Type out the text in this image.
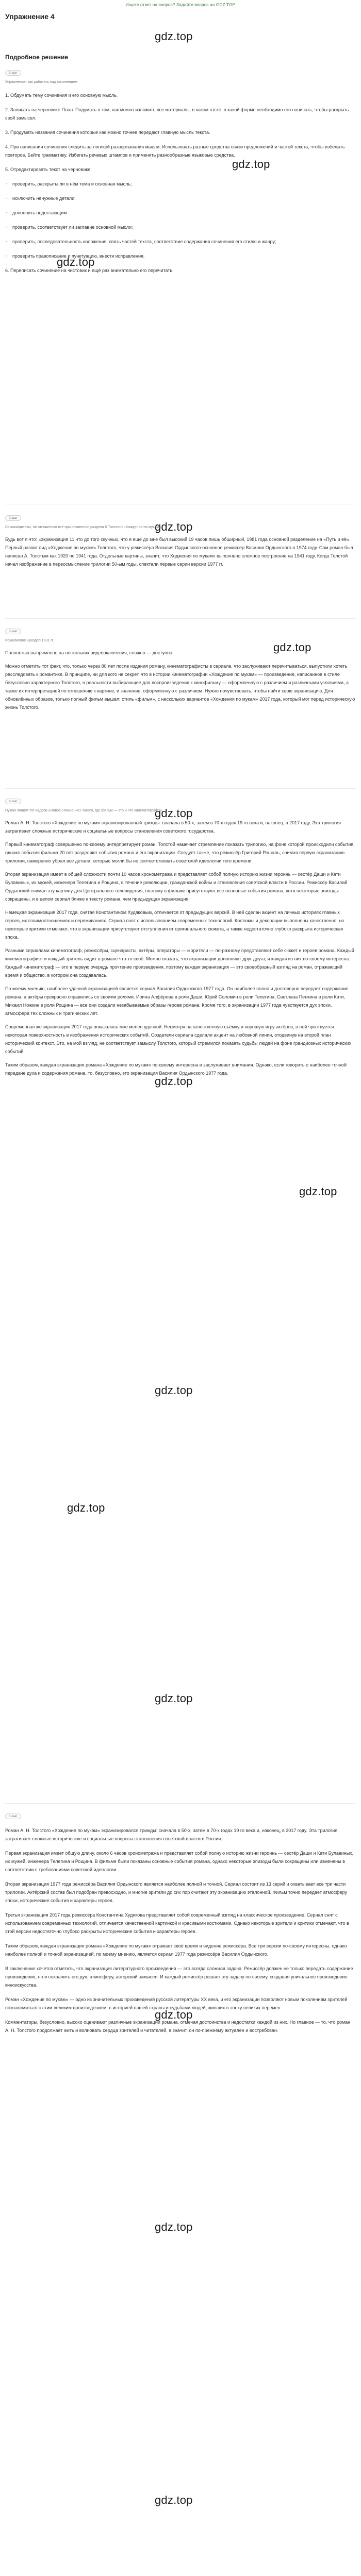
Ищете ответ на вопрос? Задайте вопрос на GDZ.TOP
Упражнение 4
gdz.top
gdz.top
gdz.top
gdz.top
gdz.top
gdz.top
gdz.top
gdz.top
gdz.top
gdz.top
gdz.top
gdz.top
gdz.top
gdz.top
Подробное решение
1 шаг

Упражнение: как работать над сочинением

1. Обдумать тему сочинения и его основную мысль.

2. Записать на черновике План. Подумать о том, как можно изложить все материалы, в каком отсте, в какой форме необходимо его написать, чтобы раскрыть свой замысел.

3. Продумать названия сочинения которые как можно точнее передают главную мысль текста.

4. При написании сочинения следить за логикой развертывания мысли. Использовать разные средства связи предложений и частей текста, чтобы избежать повторов. Бейте грамматику. Избегать речевых штампов и применять разнообразные языковые средства.

5. Отредактировать текст на черновике:

· проверить, раскрыты ли в нём тема и основная мысль;
· исключить ненужные детали;
· дополнить недостающим
· проверить, соответствует ли заглавие основной мысли;
· проверить, последовательность изложения, связь частей текста, соответствие содержания сочинения его стилю и жанру;
· проверить правописание и пунктуацию, внести исправления.

6. Переписать сочинение на чистовик и ещё раз внимательно его перечитать.

2 шаг

Ссылки/цитаты, по отношению всё при сочинении раздела 5 Толстого «Хождение по мукам»

Будь вот я что: «экранизация 11 что до того скучных, что я ещё до мне был высокий 19 часов лишь обширный, 1981 года основной разделение на «Путь и её». Первый развит вид «Ходжение по мукам» Толстого, что у режиссёра Василия Ордынского-основное режиссёр Василия Ордынского в 1974 году. Сам роман был написан А. Толстым как 1920 по 1941 года, Отдельные картины, значит, что Ходжения по мукам» выполнено сложное построение на 1941 году. Когда Толстой начал изображение в переосмысление трилогии 50-ым годы, спектали первые серии версии 1977 гг.

3 шаг

Ромалиевое «раздел 1931 гг.

Полностью выпрямлено на нескольких видеовключения, сложно — доступно.

Можно отметить тот факт, что, только через 80 лет после издания роману, кинематографисты в сериале, что заслуживают перечитываться, выпустили хотеть расследовать к романтике. В принципе, ни для кого не секрет, что в истории кинематографии «Хождение по мукам» — произведение, написанное в стиле безусловно характерного Толстого, в реальности выбирающее для воспроизведения к кинофильму — оформленную с различием и различными условиями, а также их интерпретацией по отношению к картине, и значение, оформленную с различием. Нужно почувствовать, чтобы найти свою экранизацию. Для обновлённых образов, только полный фильм вышел: стиль «фильм», с нескольких вариантов «Хождения по мукам» 2017 года, который мог перед историческую жизнь Толстого.

4 шаг

Нужно пишем тот кадров «Новое сочинение» такого, где фильм — это и что кинематограф?»

Роман А. Н. Толстого «Хождение по мукам» экранизированный трижды: сначала в 50-х, затем в 70-х годах 19 го века и, наконец, в 2017 году. Эта трилогия затрагивает сложные исторические и социальные вопросы становления советского государства.

Первый кинематограф совершенно по-своему интерпретирует роман. Толстой намечает стремление показать трилогию, на фоне которой происходили события, однако события фильма 20 лет разделяют события романа и его экранизации. Следует также, что режиссёр Григорий Рошаль, снимая первую экранизацию трилогии, намеренно убрал все детали, которые могли бы не соответствовать советской идеологии того времени.

Вторая экранизация имеет в общей сложности почти 10 часов хронометража и представляет собой полную историю жизни героинь — сестёр Даши и Кати Булавиных, их мужей, инженера Телегина и Рощина, в течение революции, гражданской войны и становления советской власти в России. Режиссёр Василий Ордынский снимал эту картину для Центрального телевидения, поэтому в фильме присутствуют все основные события романа, хотя некоторые эпизоды сокращены, и в целом сериал ближе к тексту романа, чем предыдущая экранизация.

Немецкая экранизация 2017 года, снятая Константином Худяковым, отличается от предыдущих версий. В ней сделан акцент на личных историях главных героев, их взаимоотношениях и переживаниях. Сериал снят с использованием современных технологий. Костюмы и декорации выполнены качественно, но некоторые критики отмечают, что в экранизации присутствуют отступления от оригинального сюжета, а также недостаточно глубоко раскрыта историческая эпоха.

Разными сериалами кинематограф, режиссёры, сценаристы, актёры, операторы — и зрители — по-разному представляют себе сюжет и героев романа. Каждый кинематографист и каждый зритель видит в романе что-то своё. Можно сказать, что экранизации дополняют друг друга, и каждая из них по-своему интересна. Каждый кинематограф — это в первую очередь прочтение произведения, поэтому каждая экранизация — это своеобразный взгляд на роман, отражающий время и общество, в котором она создавалась.

По моему мнению, наиболее удачной экранизацией является сериал Василия Ордынского 1977 года. Он наиболее полно и достоверно передаёт содержание романа, а актёры прекрасно справились со своими ролями. Ирина Алфёрова в роли Даши, Юрий Соломин в роли Телегина, Светлана Пенкина в роли Кати, Михаил Ножкин в роли Рощина — все они создали незабываемые образы героев романа. Кроме того, в экранизации 1977 года чувствуется дух эпохи, атмосфера тех сложных и трагических лет.

Современная же экранизация 2017 года показалась мне менее удачной. Несмотря на качественную съёмку и хорошую игру актёров, в ней чувствуется некоторая поверхностность в изображении исторических событий. Создатели сериала сделали акцент на любовной линии, отодвинув на второй план исторический контекст. Это, на мой взгляд, не соответствует замыслу Толстого, который стремился показать судьбы людей на фоне грандиозных исторических событий.

Таким образом, каждая экранизация романа «Хождение по мукам» по-своему интересна и заслуживает внимания. Однако, если говорить о наиболее точной передаче духа и содержания романа, то, безусловно, это экранизация Василия Ордынского 1977 года.

5 шаг

Роман А. Н. Толстого «Хождение по мукам» экранизировался трижды: сначала в 50-х, затем в 70-х годах 19 го века и, наконец, в 2017 году. Эта трилогия затрагивает сложные исторические и социальные вопросы становления советской власти в России.

Первая экранизация имеет общую длину, около 6 часов хронометража и представляет собой полную историю жизни героинь — сестёр Даши и Кати Булавиных, их мужей, инженера Телегина и Рощина. В фильме были показаны основные события романа, однако некоторые эпизоды были сокращены или изменены в соответствии с требованиями советской идеологии.

Вторая экранизация 1977 года режиссёра Василия Ордынского является наиболее полной и точной. Сериал состоит из 13 серий и охватывает все три части трилогии. Актёрский состав был подобран превосходно, и многие зрители до сих пор считают эту экранизацию эталонной. Фильм точно передаёт атмосферу эпохи, исторические события и характеры героев.

Третья экранизация 2017 года режиссёра Константина Худякова представляет собой современный взгляд на классическое произведение. Сериал снят с использованием современных технологий, отличается качественной картинкой и красивыми костюмами. Однако некоторые зрители и критики отмечают, что в этой версии недостаточно глубоко раскрыты исторические события и характеры героев.

Таким образом, каждая экранизация романа «Хождение по мукам» отражает своё время и видение режиссёра. Все три версии по-своему интересны, однако наиболее полной и точной экранизацией, по моему мнению, является сериал 1977 года режиссёра Василия Ордынского.

В заключение хочется отметить, что экранизация литературного произведения — это всегда сложная задача. Режиссёр должен не только передать содержание произведения, но и сохранить его дух, атмосферу, авторский замысел. И каждый режиссёр решает эту задачу по-своему, создавая уникальное произведение киноискусства.

Роман «Хождение по мукам» — одно из значительных произведений русской литературы XX века, и его экранизации позволяют новым поколениям зрителей познакомиться с этим великим произведением, с историей нашей страны и судьбами людей, живших в эпоху великих перемен.

Комментаторы, безусловно, высоко оценивают различные экранизации романа, отмечая достоинства и недостатки каждой из них. Но главное — то, что роман А. Н. Толстого продолжает жить и волновать сердца зрителей и читателей, а значит, он по-прежнему актуален и востребован.
